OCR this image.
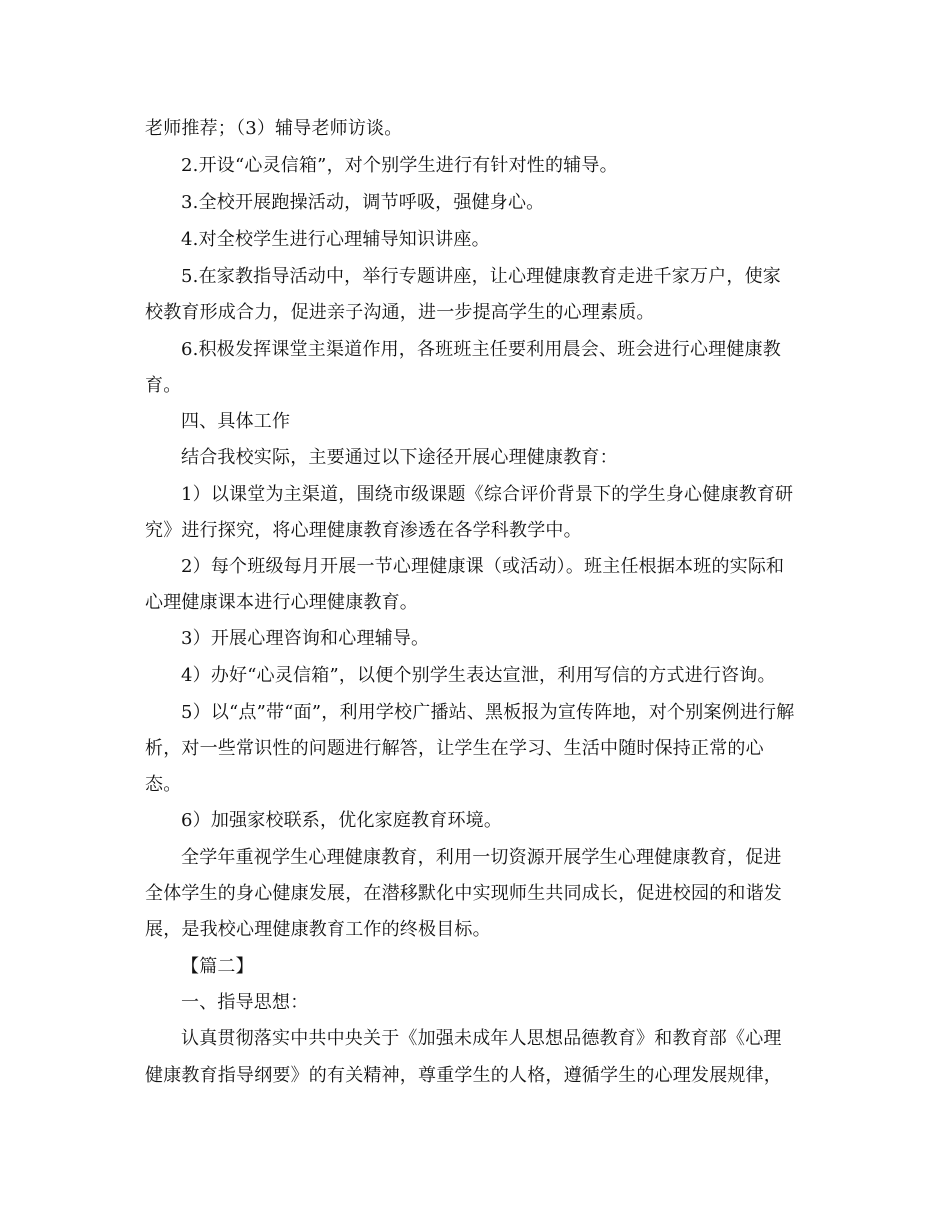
老师推荐；（3）辅导老师访谈。
2.开设“心灵信箱”，对个别学生进行有针对性的辅导。
3.全校开展跑操活动，调节呼吸，强健身心。
4.对全校学生进行心理辅导知识讲座。
5.在家教指导活动中，举行专题讲座，让心理健康教育走进千家万户，使家
校教育形成合力，促进亲子沟通，进一步提高学生的心理素质。
6.积极发挥课堂主渠道作用，各班班主任要利用晨会、班会进行心理健康教
育。
四、具体工作
结合我校实际，主要通过以下途径开展心理健康教育：
1）以课堂为主渠道，围绕市级课题《综合评价背景下的学生身心健康教育研
究》进行探究，将心理健康教育渗透在各学科教学中。
2）每个班级每月开展一节心理健康课（或活动）。班主任根据本班的实际和
心理健康课本进行心理健康教育。
3）开展心理咨询和心理辅导。
4）办好“心灵信箱”，以便个别学生表达宣泄，利用写信的方式进行咨询。
5）以“点”带“面”，利用学校广播站、黑板报为宣传阵地，对个别案例进行解
析，对一些常识性的问题进行解答，让学生在学习、生活中随时保持正常的心
态。
6）加强家校联系，优化家庭教育环境。
全学年重视学生心理健康教育，利用一切资源开展学生心理健康教育，促进
全体学生的身心健康发展，在潜移默化中实现师生共同成长，促进校园的和谐发
展，是我校心理健康教育工作的终极目标。
【篇二】
一、指导思想：
认真贯彻落实中共中央关于《加强未成年人思想品德教育》和教育部《心理
健康教育指导纲要》的有关精神，尊重学生的人格，遵循学生的心理发展规律，
